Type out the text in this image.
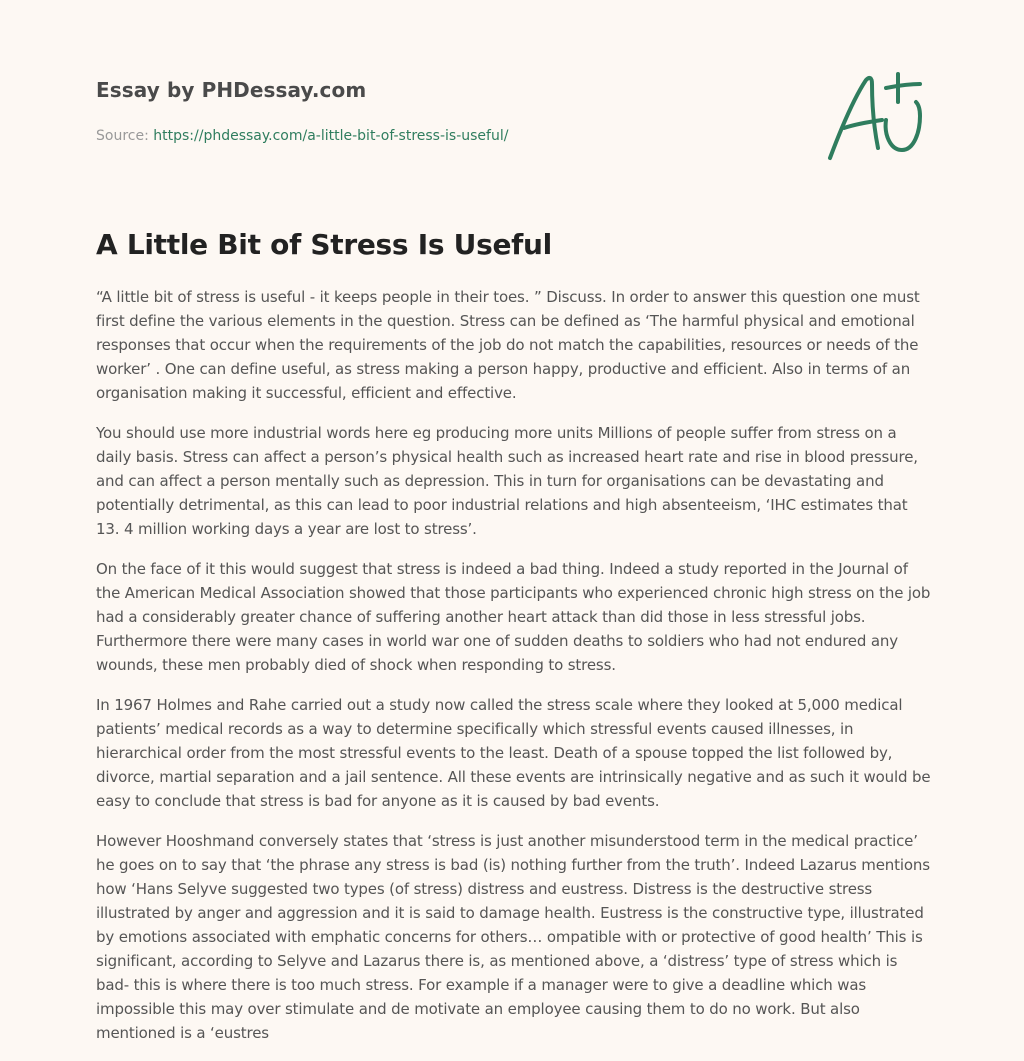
Essay by PHDessay.com
Source: https://phdessay.com/a-little-bit-of-stress-is-useful/
A Little Bit of Stress Is Useful

“A little bit of stress is useful - it keeps people in their toes. ” Discuss. In order to answer this question one must first define the various elements in the question. Stress can be defined as ‘The harmful physical and emotional responses that occur when the requirements of the job do not match the capabilities, resources or needs of the worker’ . One can define useful, as stress making a person happy, productive and efficient. Also in terms of an organisation making it successful, efficient and effective.

You should use more industrial words here eg producing more units Millions of people suffer from stress on a daily basis. Stress can affect a person’s physical health such as increased heart rate and rise in blood pressure, and can affect a person mentally such as depression. This in turn for organisations can be devastating and potentially detrimental, as this can lead to poor industrial relations and high absenteeism, ‘IHC estimates that 13. 4 million working days a year are lost to stress’.

On the face of it this would suggest that stress is indeed a bad thing. Indeed a study reported in the Journal of the American Medical Association showed that those participants who experienced chronic high stress on the job had a considerably greater chance of suffering another heart attack than did those in less stressful jobs. Furthermore there were many cases in world war one of sudden deaths to soldiers who had not endured any wounds, these men probably died of shock when responding to stress.

In 1967 Holmes and Rahe carried out a study now called the stress scale where they looked at 5,000 medical patients’ medical records as a way to determine specifically which stressful events caused illnesses, in hierarchical order from the most stressful events to the least. Death of a spouse topped the list followed by, divorce, martial separation and a jail sentence. All these events are intrinsically negative and as such it would be easy to conclude that stress is bad for anyone as it is caused by bad events.

However Hooshmand conversely states that ‘stress is just another misunderstood term in the medical practice’ he goes on to say that ‘the phrase any stress is bad (is) nothing further from the truth’. Indeed Lazarus mentions how ‘Hans Selyve suggested two types (of stress) distress and eustress. Distress is the destructive stress illustrated by anger and aggression and it is said to damage health. Eustress is the constructive type, illustrated by emotions associated with emphatic concerns for others… ompatible with or protective of good health’ This is significant, according to Selyve and Lazarus there is, as mentioned above, a ‘distress’ type of stress which is bad- this is where there is too much stress. For example if a manager were to give a deadline which was impossible this may over stimulate and de motivate an employee causing them to do no work. But also mentioned is a ‘eustres
